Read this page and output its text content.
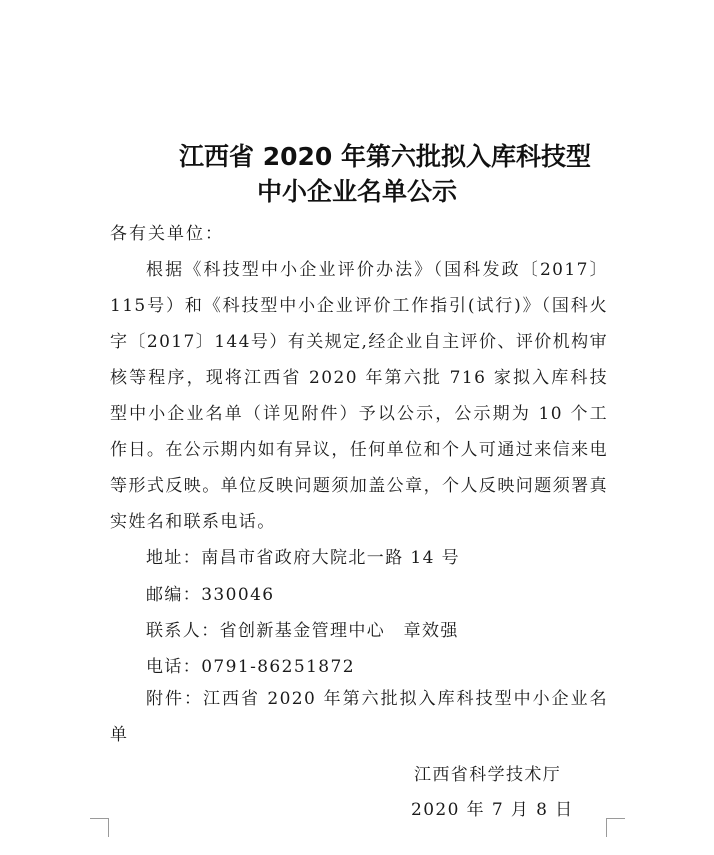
江西省 2020 年第六批拟入库科技型
中小企业名单公示
各有关单位：

根据《科技型中小企业评价办法》（国科发政〔2017〕115号）和《科技型中小企业评价工作指引(试行)》（国科火字〔2017〕144号）有关规定,经企业自主评价、评价机构审核等程序，现将江西省 2020 年第六批 716 家拟入库科技型中小企业名单（详见附件）予以公示，公示期为 10 个工作日。在公示期内如有异议，任何单位和个人可通过来信来电等形式反映。单位反映问题须加盖公章，个人反映问题须署真实姓名和联系电话。

地址：南昌市省政府大院北一路 14 号
邮编：330046
联系人：省创新基金管理中心　章效强
电话：0791-86251872

附件：江西省 2020 年第六批拟入库科技型中小企业名单

江西省科学技术厅
2020 年 7 月 8 日
